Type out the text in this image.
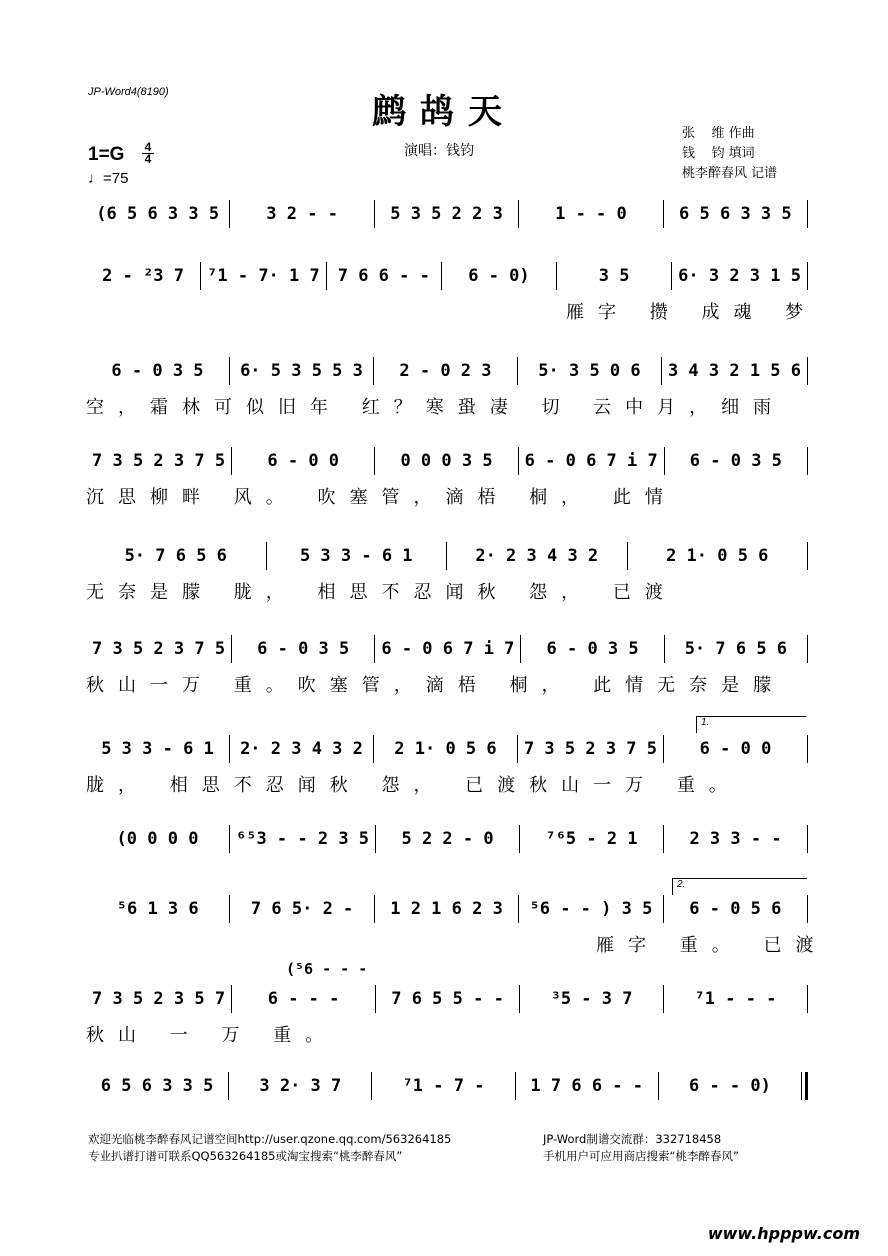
JP-Word4(8190)	鹧鸪天
$1=G \frac{4}{4}$
♩=75
演唱：钱钧
张    维 作曲
钱    钧 填词
桃李醉春风 记谱
(6 5 6 3 3 5	3 2 - -	5 3 5 2 2 3	1 - - 0	6 5 6 3 3 5
2 - ²3 7	⁷1 - 7· 1 7	7 6 6 - -	6 - 0)	3 5	6· 3 2 3 1 5
雁字 攒 成魂 梦
6 - 0 3 5	6· 5 3 5 5 3	2 - 0 2 3	5· 3 5 0 6	3 4 3 2 1 5 6
空，霜林可似旧年 红？寒蛩凄 切 云中月，细雨
7 3 5 2 3 7 5	6 - 0 0	0 0 0 3 5	6 - 0 6 7 i 7	6 - 0 3 5
沉思柳畔 风。 吹塞管，滴梧 桐， 此情
5· 7 6 5 6	5 3 3 - 6 1	2· 2 3 4 3 2	2 1· 0 5 6
无奈是朦 胧， 相思不忍闻秋 怨， 已渡
7 3 5 2 3 7 5	6 - 0 3 5	6 - 0 6 7 i 7	6 - 0 3 5	5· 7 6 5 6
秋山一万 重。吹塞管，滴梧 桐， 此情无奈是朦
5 3 3 - 6 1	2· 2 3 4 3 2	2 1· 0 5 6	7 3 5 2 3 7 5	6 - 0 0
胧， 相思不忍闻秋 怨， 已渡秋山一万 重。
(0 0 0 0	⁶⁵3 - - 2 3 5	5 2 2 - 0	⁷⁶5 - 2 1	2 3 3 - -
⁵6 1 3 6	7 6 5· 2 -	1 2 1 6 2 3	⁵6 - - ) 3 5	6 - 0 5 6
雁字 重。 已渡
7 3 5 2 3 5 7	6 - - -	7 6 5 5 - -	³5 - 3 7	⁷1 - - -
秋山 一 万 重。
6 5 6 3 3 5	3 2· 3 7	⁷1 - 7 -	1 7 6 6 - -	6 - - 0)
(⁵6 - - -
1.
2.
欢迎光临桃李醉春风记谱空间http://user.qzone.qq.com/563264185	JP-Word制谱交流群：332718458
专业扒谱打谱可联系QQ563264185或淘宝搜索“桃李醉春风”	手机用户可应用商店搜索“桃李醉春风”
www.hpppw.com
